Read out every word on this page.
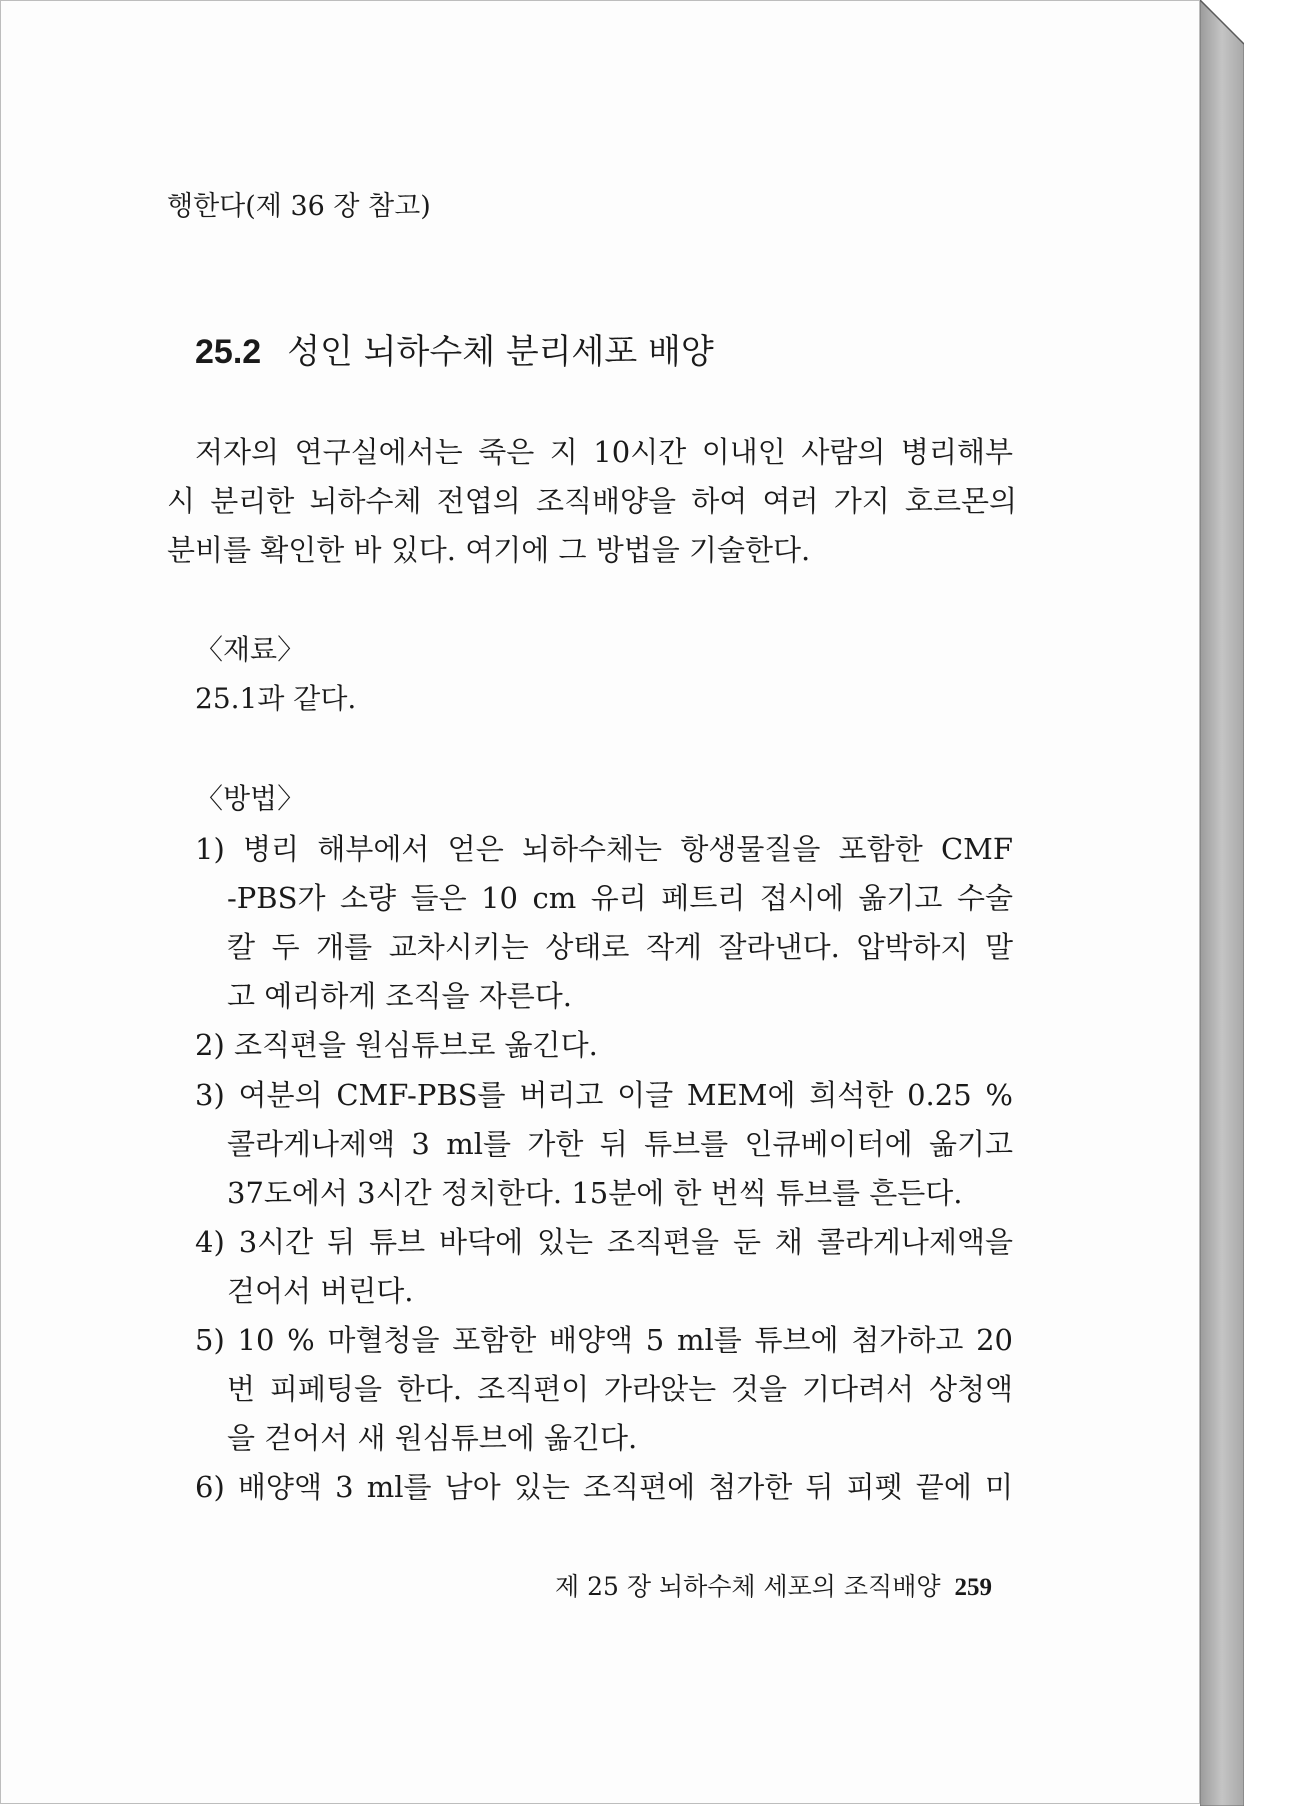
행한다(제 36 장 참고)
25.2 성인 뇌하수체 분리세포 배양
저자의 연구실에서는 죽은 지 10시간 이내인 사람의 병리해부
시 분리한 뇌하수체 전엽의 조직배양을 하여 여러 가지 호르몬의
분비를 확인한 바 있다. 여기에 그 방법을 기술한다.
〈재료〉
25.1과 같다.
〈방법〉
1) 병리 해부에서 얻은 뇌하수체는 항생물질을 포함한 CMF
-PBS가 소량 들은 10 cm 유리 페트리 접시에 옮기고 수술
칼 두 개를 교차시키는 상태로 작게 잘라낸다. 압박하지 말
고 예리하게 조직을 자른다.
2) 조직편을 원심튜브로 옮긴다.
3) 여분의 CMF-PBS를 버리고 이글 MEM에 희석한 0.25 %
콜라게나제액 3 ml를 가한 뒤 튜브를 인큐베이터에 옮기고
37도에서 3시간 정치한다. 15분에 한 번씩 튜브를 흔든다.
4) 3시간 뒤 튜브 바닥에 있는 조직편을 둔 채 콜라게나제액을
걷어서 버린다.
5) 10 % 마혈청을 포함한 배양액 5 ml를 튜브에 첨가하고 20
번 피페팅을 한다. 조직편이 가라앉는 것을 기다려서 상청액
을 걷어서 새 원심튜브에 옮긴다.
6) 배양액 3 ml를 남아 있는 조직편에 첨가한 뒤 피펫 끝에 미
제 25 장 뇌하수체 세포의 조직배양 259
